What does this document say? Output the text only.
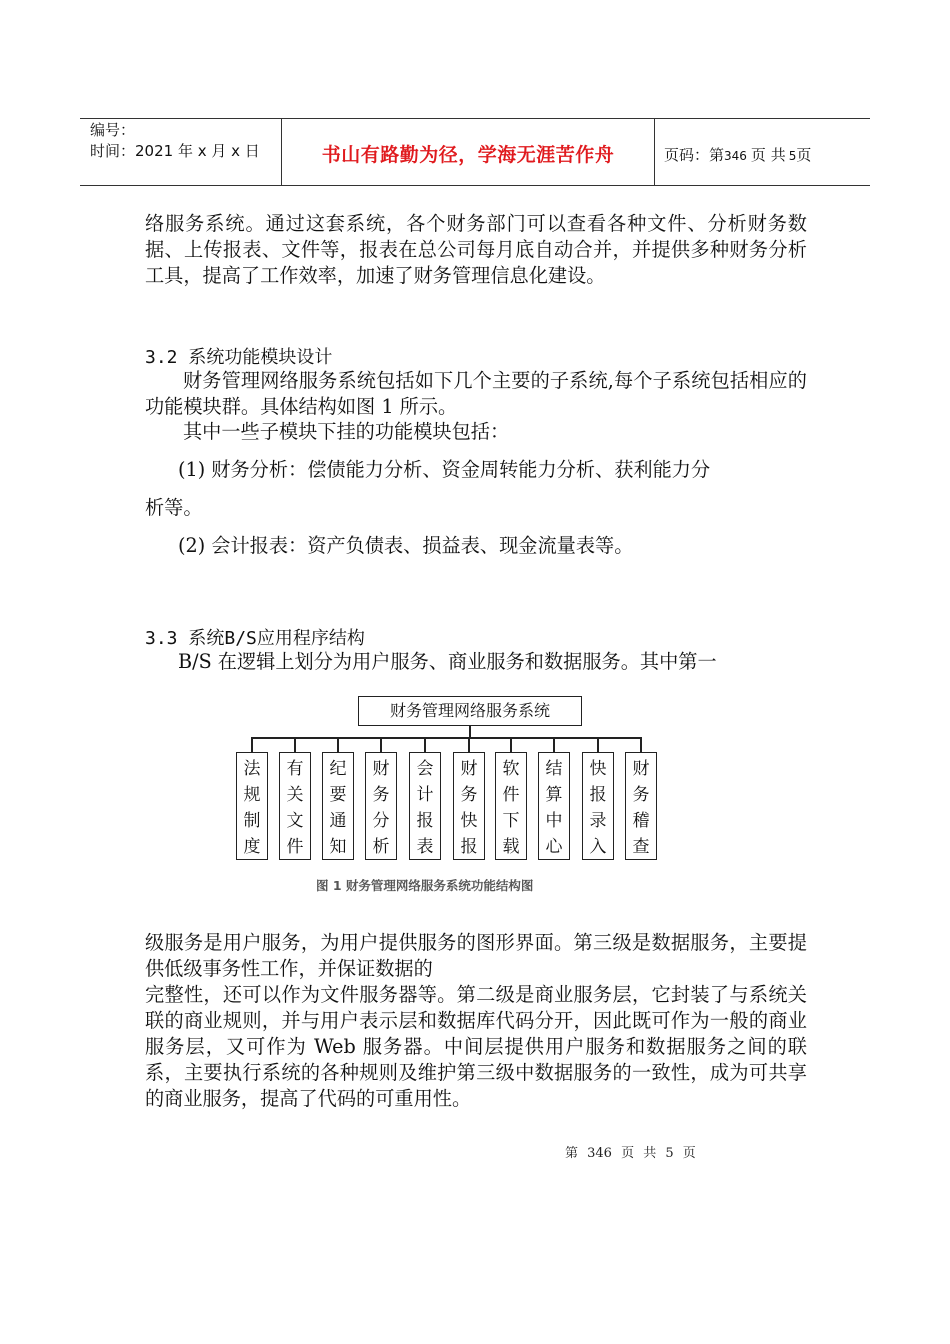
编号：
时间：2021 年 x 月 x 日	书山有路勤为径，学海无涯苦作舟	页码：第346 页 共 5页
络服务系统。通过这套系统，各个财务部门可以查看各种文件、分析财务数据、上传报表、文件等，报表在总公司每月底自动合并，并提供多种财务分析工具，提高了工作效率，加速了财务管理信息化建设。
3.2 系统功能模块设计
财务管理网络服务系统包括如下几个主要的子系统,每个子系统包括相应的功能模块群。具体结构如图 1 所示。
其中一些子模块下挂的功能模块包括：
(1) 财务分析：偿债能力分析、资金周转能力分析、获利能力分
析等。
(2) 会计报表：资产负债表、损益表、现金流量表等。
3.3 系统B/S应用程序结构
B/S 在逻辑上划分为用户服务、商业服务和数据服务。其中第一
财务管理网络服务系统
法规制度
有关文件
纪要通知
财务分析
会计报表
财务快报
软件下载
结算中心
快报录入
财务稽查
图 1 财务管理网络服务系统功能结构图
级服务是用户服务，为用户提供服务的图形界面。第三级是数据服务，主要提供低级事务性工作，并保证数据的
完整性，还可以作为文件服务器等。第二级是商业服务层，它封装了与系统关联的商业规则，并与用户表示层和数据库代码分开，因此既可作为一般的商业服务层，又可作为 Web 服务器。中间层提供用户服务和数据服务之间的联系，主要执行系统的各种规则及维护第三级中数据服务的一致性，成为可共享的商业服务，提高了代码的可重用性。
第 346 页 共 5 页
